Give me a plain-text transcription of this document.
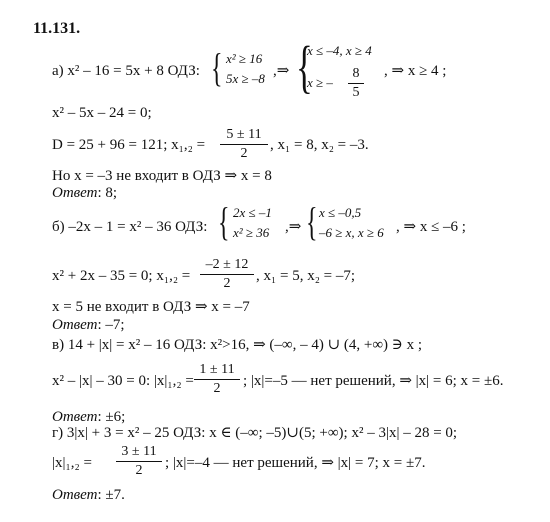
11.131.
а) x² – 16 = 5x + 8 ОДЗ: { x² ≥ 16
5x ≥ –8 ,⇒ {
x ≤ –4, x ≥ 4
x ≥ –
8
5
, ⇒ x ≥ 4 ;
x² – 5x – 24 = 0;
D = 25 + 96 = 121; x₁,₂ =
5 ± 11
2
, x₁ = 8, x₂ = –3.
Но x = –3 не входит в ОДЗ ⇒ x = 8
Ответ: 8;
б) –2x – 1 = x² – 36 ОДЗ: { 2x ≤ –1
x² ≥ 36 ,⇒ { x ≤ –0,5
–6 ≥ x, x ≥ 6 , ⇒ x ≤ –6 ;
x² + 2x – 35 = 0; x₁,₂ =
–2 ± 12
2	, x₁ = 5, x₂ = –7;
x = 5 не входит в ОДЗ ⇒ x = –7
Ответ: –7;
в) 14 + |x| = x² – 16 ОДЗ: x²>16, ⇒ (–∞, – 4) ∪ (4, +∞) ∋ x ;
x² – |x| – 30 = 0: |x|₁,₂ =
1 ± 11
2	; |x|=–5 — нет решений, ⇒ |x| = 6; x = ±6.
Ответ: ±6;
г) 3|x| + 3 = x² – 25 ОДЗ: x ∈ (–∞; –5)∪(5; +∞); x² – 3|x| – 28 = 0;
|x|₁,₂ =
3 ± 11
2	; |x|=–4 — нет решений, ⇒ |x| = 7; x = ±7.
Ответ: ±7.
